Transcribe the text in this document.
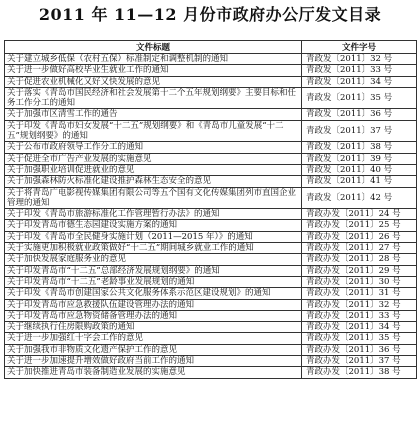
2011 年 11—12 月份市政府办公厅发文目录
文件标题	文件字号
关于建立城乡低保（农村五保）标准制定和调整机制的通知	青政发〔2011〕32 号
关于进一步做好高校毕业生就业工作的通知	青政发〔2011〕33 号
关于促进农业机械化又好又快发展的意见	青政发〔2011〕34 号
关于落实《青岛市国民经济和社会发展第十二个五年规划纲要》主要目标和任务工作分工的通知	青政发〔2011〕35 号
关于加强市区清雪工作的通告	青政发〔2011〕36 号
关于印发《青岛市妇女发展“十二五”规划纲要》和《青岛市儿童发展“十二五”规划纲要》的通知	青政发〔2011〕37 号
关于公布市政府领导工作分工的通知	青政发〔2011〕38 号
关于促进全市广告产业发展的实施意见	青政发〔2011〕39 号
关于加强职业培训促进就业的意见	青政发〔2011〕40 号
关于加强森林防火标准化建设推护森林生态安全的意见	青政发〔2011〕41 号
关于将青岛广电影视传媒集团有限公司等五个国有文化传媒集团列市直国企业管理的通知	青政发〔2011〕42 号
关于印发《青岛市旅游标准化工作管理暂行办法》的通知	青政办发〔2011〕24 号
关于印发青岛市德生态园建设实施方案的通知	青政办发〔2011〕25 号
关于印发《青岛市全民健身实施计划（2011—2015 年）》的通知	青政办发〔2011〕26 号
关于实施更加积极就业政策做好“十二五”期间城乡就业工作的通知	青政办发〔2011〕27 号
关于加快发展家庭服务业的意见	青政办发〔2011〕28 号
关于印发青岛市“十二五”总部经济发展规划纲要》的通知	青政办发〔2011〕29 号
关于印发青岛市“十二五”老龄事业发展规划的通知	青政办发〔2011〕30 号
关于印发《青岛市创建国家公共文化服务体系示范区建设规划》的通知	青政办发〔2011〕31 号
关于印发青岛市应急救援队伍建设管理办法的通知	青政办发〔2011〕32 号
关于印发青岛市应急物资储备管理办法的通知	青政办发〔2011〕33 号
关于继续执行住房限购政策的通知	青政办发〔2011〕34 号
关于进一步加强红十字会工作的意见	青政办发〔2011〕35 号
关于加强我市非物质文化遗产保护工作的意见	青政办发〔2011〕36 号
关于进一步加速提升增效做好政府当前工作的通知	青政办发〔2011〕37 号
关于加快推进青岛市装备制造业发展的实施意见	青政办发〔2011〕38 号
